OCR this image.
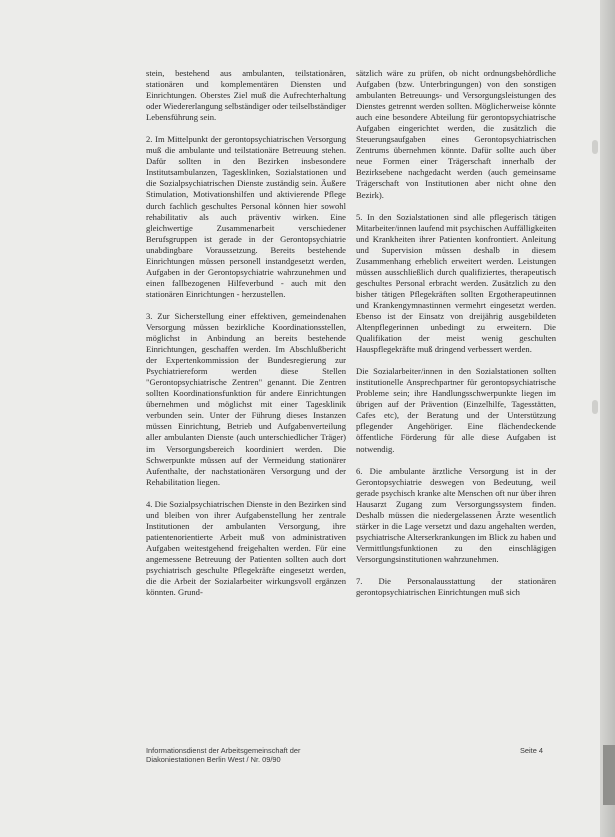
stein, bestehend aus ambulanten, teilstationären, stationären und komplementären Diensten und Einrichtungen. Oberstes Ziel muß die Aufrechterhaltung oder Wiedererlangung selbständiger oder teilselbständiger Lebensführung sein.

2. Im Mittelpunkt der gerontopsychiatrischen Versorgung muß die ambulante und teilstationäre Betreuung stehen. Dafür sollten in den Bezirken insbesondere Institutsambulanzen, Tagesklinken, Sozialstationen und die Sozialpsychiatrischen Dienste zuständig sein. Äußere Stimulation, Motivationshilfen und aktivierende Pflege durch fachlich geschultes Personal können hier sowohl rehabilitativ als auch präventiv wirken. Eine gleichwertige Zusammenarbeit verschiedener Berufsgruppen ist gerade in der Gerontopsychiatrie unabdingbare Voraussetzung. Bereits bestehende Einrichtungen müssen personell instandgesetzt werden, Aufgaben in der Gerontopsychiatrie wahrzunehmen und einen fallbezogenen Hilfeverbund - auch mit den stationären Einrichtungen - herzustellen.

3. Zur Sicherstellung einer effektiven, gemeindenahen Versorgung müssen bezirkliche Koordinationsstellen, möglichst in Anbindung an bereits bestehende Einrichtungen, geschaffen werden. Im Abschlußbericht der Expertenkommission der Bundesregierung zur Psychiatriereform werden diese Stellen "Gerontopsychiatrische Zentren" genannt. Die Zentren sollten Koordinationsfunktion für andere Einrichtungen übernehmen und möglichst mit einer Tagesklinik verbunden sein. Unter der Führung dieses Instanzen müssen Einrichtung, Betrieb und Aufgabenverteilung aller ambulanten Dienste (auch unterschiedlicher Träger) im Versorgungsbereich koordiniert werden. Die Schwerpunkte müssen auf der Vermeidung stationärer Aufenthalte, der nachstationären Versorgung und der Rehabilitation liegen.

4. Die Sozialpsychiatrischen Dienste in den Bezirken sind und bleiben von ihrer Aufgabenstellung her zentrale Institutionen der ambulanten Versorgung, ihre patientenorientierte Arbeit muß von administrativen Aufgaben weitestgehend freigehalten werden. Für eine angemessene Betreuung der Patienten sollten auch dort psychiatrisch geschulte Pflegekräfte eingesetzt werden, die die Arbeit der Sozialarbeiter wirkungsvoll ergänzen könnten. Grund-

sätzlich wäre zu prüfen, ob nicht ordnungsbehördliche Aufgaben (bzw. Unterbringungen) von den sonstigen ambulanten Betreuungs- und Versorgungsleistungen des Dienstes getrennt werden sollten. Möglicherweise könnte auch eine besondere Abteilung für gerontopsychiatrische Aufgaben eingerichtet werden, die zusätzlich die Steuerungsaufgaben eines Gerontopsychiatrischen Zentrums übernehmen könnte. Dafür sollte auch über neue Formen einer Trägerschaft innerhalb der Bezirksebene nachgedacht werden (auch gemeinsame Trägerschaft von Institutionen aber nicht ohne den Bezirk).

5. In den Sozialstationen sind alle pflegerisch tätigen Mitarbeiter/innen laufend mit psychischen Auffälligkeiten und Krankheiten ihrer Patienten konfrontiert. Anleitung und Supervision müssen deshalb in diesem Zusammenhang erheblich erweitert werden. Leistungen müssen ausschließlich durch qualifiziertes, therapeutisch geschultes Personal erbracht werden. Zusätzlich zu den bisher tätigen Pflegekräften sollten Ergotherapeutinnen und Krankengymnastinnen vermehrt eingesetzt werden. Ebenso ist der Einsatz von dreijährig ausgebildeten Altenpflegerinnen unbedingt zu erweitern. Die Qualifikation der meist wenig geschulten Hauspflegekräfte muß dringend verbessert werden.

Die Sozialarbeiter/innen in den Sozialstationen sollten institutionelle Ansprechpartner für gerontopsychiatrische Probleme sein; ihre Handlungsschwerpunkte liegen im übrigen auf der Prävention (Einzelhilfe, Tagesstätten, Cafes etc), der Beratung und der Unterstützung pflegender Angehöriger. Eine flächendeckende öffentliche Förderung für alle diese Aufgaben ist notwendig.

6. Die ambulante ärztliche Versorgung ist in der Gerontopsychiatrie deswegen von Bedeutung, weil gerade psychisch kranke alte Menschen oft nur über ihren Hausarzt Zugang zum Versorgungssystem finden. Deshalb müssen die niedergelassenen Ärzte wesentlich stärker in die Lage versetzt und dazu angehalten werden, psychiatrische Alterserkrankungen im Blick zu haben und Vermittlungsfunktionen zu den einschlägigen Versorgungsinstitutionen wahrzunehmen.

7. Die Personalausstattung der stationären gerontopsychiatrischen Einrichtungen muß sich

Informationsdienst der Arbeitsgemeinschaft der
Diakoniestationen Berlin West / Nr. 09/90
Seite 4
